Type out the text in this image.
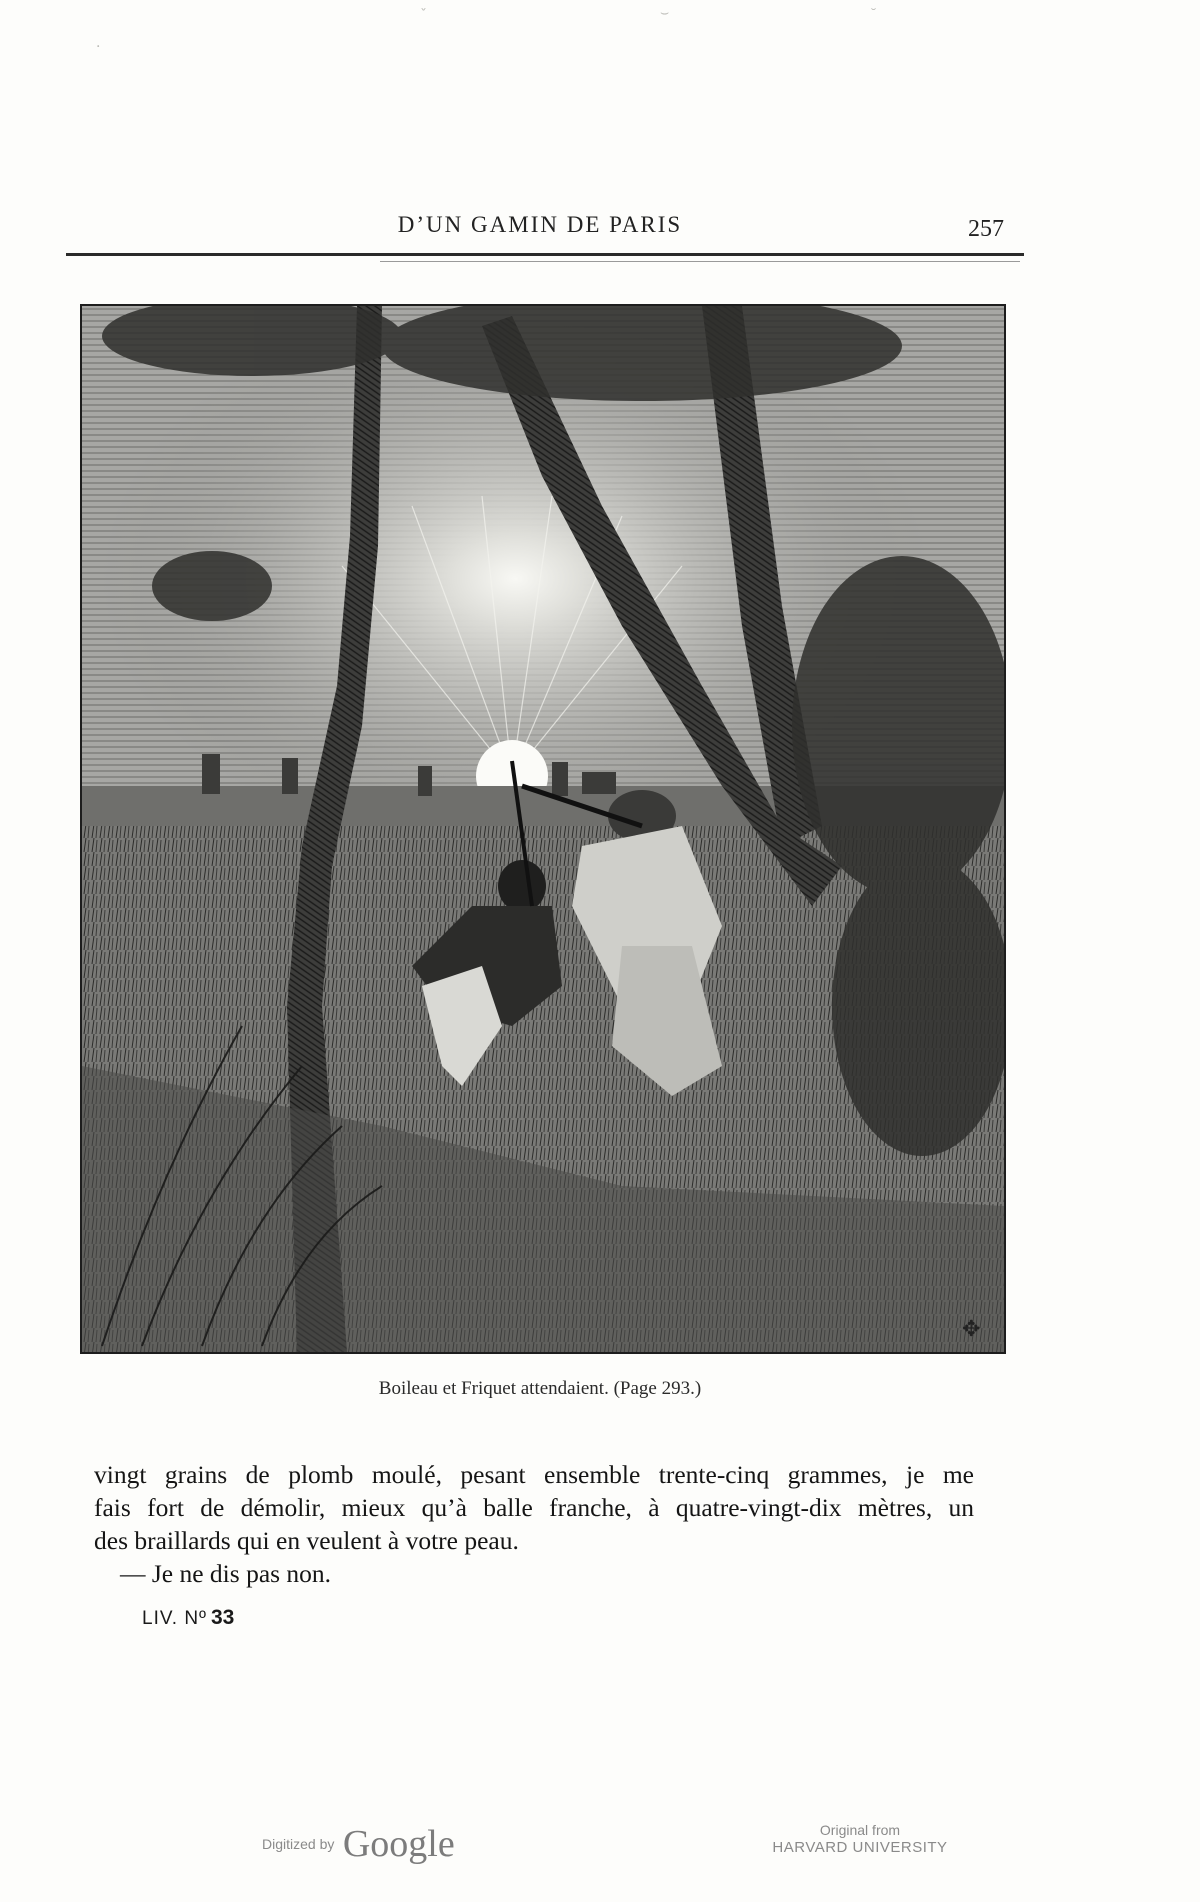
ˇ	⌣	˘
·
D’UN GAMIN DE PARIS	257
✥
Boileau et Friquet attendaient. (Page 293.)
vingt grains de plomb moulé, pesant ensemble trente-cinq grammes, je me
fais fort de démolir, mieux qu’à balle franche, à quatre-vingt-dix mètres, un
des braillards qui en veulent à votre peau.
— Je ne dis pas non.
LIV. Nº 33
Digitized by Google	Original from
HARVARD UNIVERSITY
